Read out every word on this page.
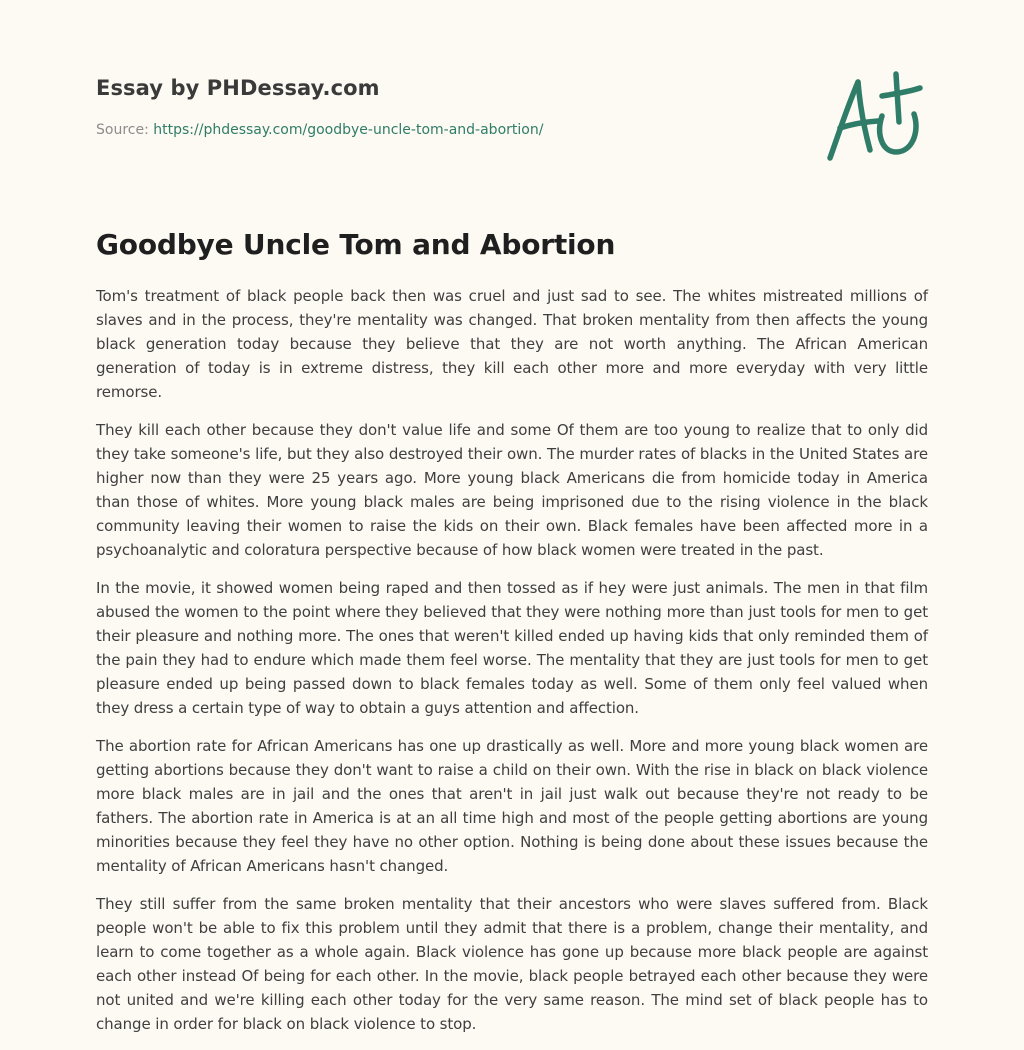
Essay by PHDessay.com
Source: https://phdessay.com/goodbye-uncle-tom-and-abortion/
Goodbye Uncle Tom and Abortion

Tom's treatment of black people back then was cruel and just sad to see. The whites mistreated millions of slaves and in the process, they're mentality was changed. That broken mentality from then affects the young black generation today because they believe that they are not worth anything. The African American generation of today is in extreme distress, they kill each other more and more everyday with very little remorse.

They kill each other because they don't value life and some Of them are too young to realize that to only did they take someone's life, but they also destroyed their own. The murder rates of blacks in the United States are higher now than they were 25 years ago. More young black Americans die from homicide today in America than those of whites. More young black males are being imprisoned due to the rising violence in the black community leaving their women to raise the kids on their own. Black females have been affected more in a psychoanalytic and coloratura perspective because of how black women were treated in the past.

In the movie, it showed women being raped and then tossed as if hey were just animals. The men in that film abused the women to the point where they believed that they were nothing more than just tools for men to get their pleasure and nothing more. The ones that weren't killed ended up having kids that only reminded them of the pain they had to endure which made them feel worse. The mentality that they are just tools for men to get pleasure ended up being passed down to black females today as well. Some of them only feel valued when they dress a certain type of way to obtain a guys attention and affection.

The abortion rate for African Americans has one up drastically as well. More and more young black women are getting abortions because they don't want to raise a child on their own. With the rise in black on black violence more black males are in jail and the ones that aren't in jail just walk out because they're not ready to be fathers. The abortion rate in America is at an all time high and most of the people getting abortions are young minorities because they feel they have no other option. Nothing is being done about these issues because the mentality of African Americans hasn't changed.

They still suffer from the same broken mentality that their ancestors who were slaves suffered from. Black people won't be able to fix this problem until they admit that there is a problem, change their mentality, and learn to come together as a whole again. Black violence has gone up because more black people are against each other instead Of being for each other. In the movie, black people betrayed each other because they were not united and we're killing each other today for the very same reason. The mind set of black people has to change in order for black on black violence to stop.
